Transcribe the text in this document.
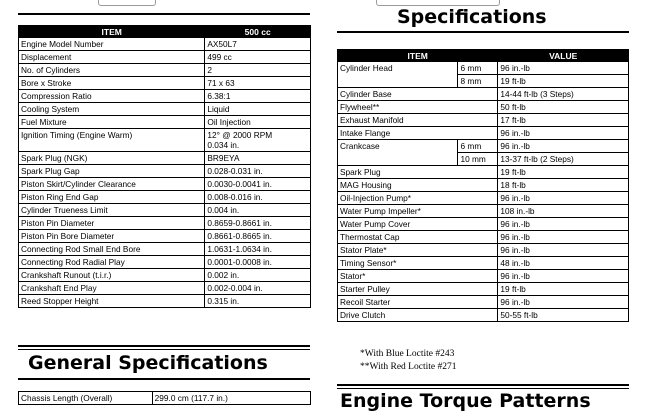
ITEM	500 cc
Engine Model Number	AX50L7

Displacement	499 cc

No. of Cylinders	2

Bore x Stroke	71 x 63

Compression Ratio	6.38:1

Cooling System	Liquid

Fuel Mixture	Oil Injection

Ignition Timing (Engine Warm)	12° @ 2000 RPM
0.034 in.

Spark Plug (NGK)	BR9EYA

Spark Plug Gap	0.028-0.031 in.

Piston Skirt/Cylinder Clearance	0.0030-0.0041 in.

Piston Ring End Gap	0.008-0.016 in.

Cylinder Trueness Limit	0.004 in.

Piston Pin Diameter	0.8659-0.8661 in.

Piston Pin Bore Diameter	0.8661-0.8665 in.

Connecting Rod Small End Bore	1.0631-1.0634 in.

Connecting Rod Radial Play	0.0001-0.0008 in.

Crankshaft Runout (t.i.r.)	0.002 in.

Crankshaft End Play	0.002-0.004 in.

Reed Stopper Height	0.315 in.
General Specifications
Chassis Length (Overall)	299.0 cm (117.7 in.)
Specifications
ITEM		VALUE
Cylinder Head	6 mm	96 in.-lb
	8 mm	19 ft-lb
Cylinder Base		14-44 ft-lb (3 Steps)
Flywheel**		50 ft-lb
Exhaust Manifold		17 ft-lb
Intake Flange		96 in.-lb
Crankcase	6 mm	96 in.-lb
	10 mm	13-37 ft-lb (2 Steps)
Spark Plug		19 ft-lb
MAG Housing		18 ft-lb
Oil-Injection Pump*		96 in.-lb
Water Pump Impeller*		108 in.-lb
Water Pump Cover		96 in.-lb
Thermostat Cap		96 in.-lb
Stator Plate*		96 in.-lb
Timing Sensor*		48 in.-lb
Stator*		96 in.-lb
Starter Pulley		19 ft-lb
Recoil Starter		96 in.-lb
Drive Clutch		50-55 ft-lb
*With Blue Loctite #243
**With Red Loctite #271
Engine Torque Patterns
